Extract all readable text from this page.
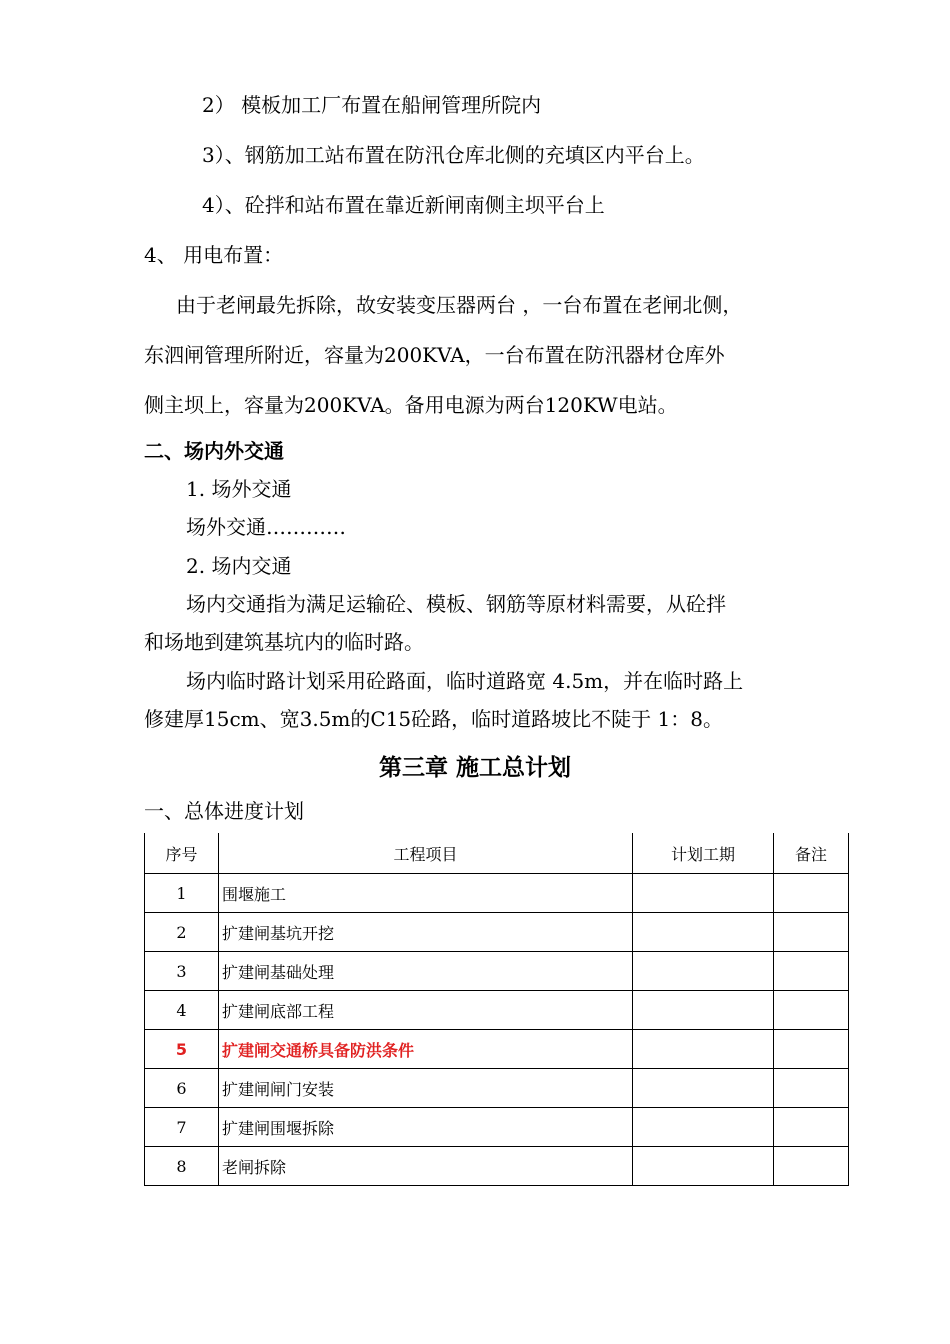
2） 模板加工厂布置在船闸管理所院内
3）、钢筋加工站布置在防汛仓库北侧的充填区内平台上。
4）、砼拌和站布置在靠近新闸南侧主坝平台上
4、 用电布置：
由于老闸最先拆除，故安装变压器两台 ，一台布置在老闸北侧，
东泗闸管理所附近，容量为200KVA，一台布置在防汛器材仓库外
侧主坝上，容量为200KVA。备用电源为两台120KW电站。
二、场内外交通
1. 场外交通
场外交通…………
2. 场内交通
场内交通指为满足运输砼、模板、钢筋等原材料需要，从砼拌
和场地到建筑基坑内的临时路。
场内临时路计划采用砼路面，临时道路宽 4.5m，并在临时路上
修建厚15cm、宽3.5m的C15砼路，临时道路坡比不陡于 1：8。
第三章 施工总计划
一、总体进度计划
序号	工程项目	计划工期	备注
1	围堰施工		
2	扩建闸基坑开挖		
3	扩建闸基础处理		
4	扩建闸底部工程		
5	扩建闸交通桥具备防洪条件		
6	扩建闸闸门安装		
7	扩建闸围堰拆除		
8	老闸拆除		
